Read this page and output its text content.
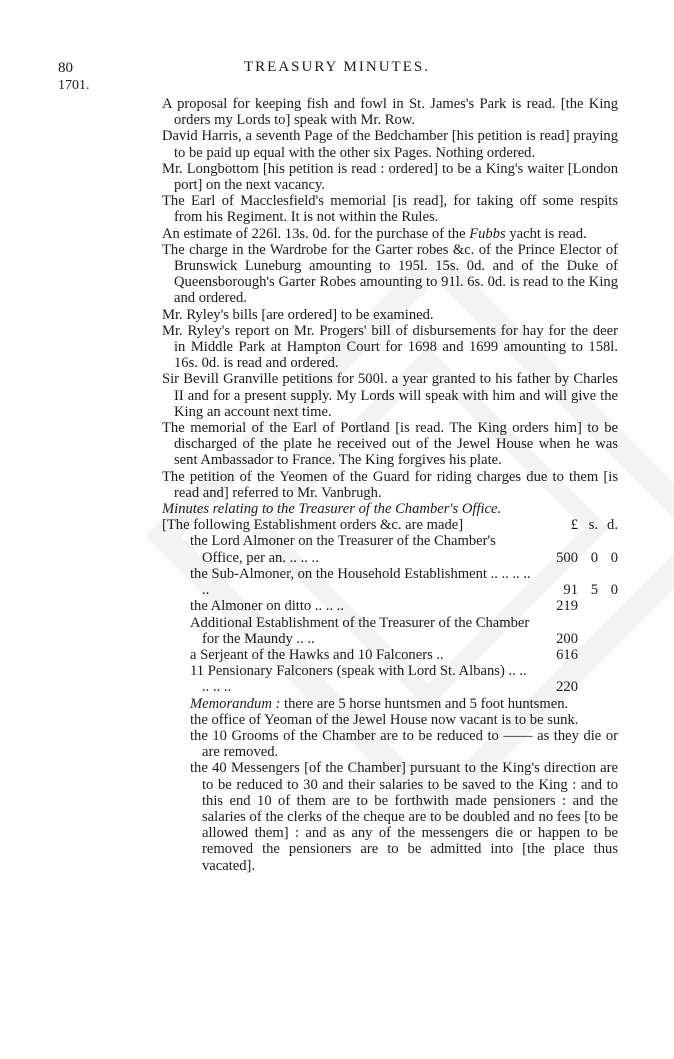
80	TREASURY MINUTES.
1701.

A proposal for keeping fish and fowl in St. James's Park is read. [the King orders my Lords to] speak with Mr. Row.

David Harris, a seventh Page of the Bedchamber [his petition is read] praying to be paid up equal with the other six Pages. Nothing ordered.

Mr. Longbottom [his petition is read : ordered] to be a King's waiter [London port] on the next vacancy.

The Earl of Macclesfield's memorial [is read], for taking off some respits from his Regiment. It is not within the Rules.

An estimate of 226l. 13s. 0d. for the purchase of the Fubbs yacht is read.

The charge in the Wardrobe for the Garter robes &c. of the Prince Elector of Brunswick Luneburg amounting to 195l. 15s. 0d. and of the Duke of Queensborough's Garter Robes amounting to 91l. 6s. 0d. is read to the King and ordered.

Mr. Ryley's bills [are ordered] to be examined.

Mr. Ryley's report on Mr. Progers' bill of disbursements for hay for the deer in Middle Park at Hampton Court for 1698 and 1699 amounting to 158l. 16s. 0d. is read and ordered.

Sir Bevill Granville petitions for 500l. a year granted to his father by Charles II and for a present supply. My Lords will speak with him and will give the King an account next time.

The memorial of the Earl of Portland [is read. The King orders him] to be discharged of the plate he received out of the Jewel House when he was sent Ambassador to France. The King forgives his plate.

The petition of the Yeomen of the Guard for riding charges due to them [is read and] referred to Mr. Vanbrugh.

Minutes relating to the Treasurer of the Chamber's Office.

[The following Establishment orders &c. are made]	£ s. d.
the Lord Almoner on the Treasurer of the Chamber's Office, per an. .. .. ..	500 0 0
the Sub-Almoner, on the Household Establishment .. .. .. .. ..	91 5 0
the Almoner on ditto .. .. ..	219
Additional Establishment of the Treasurer of the Chamber for the Maundy .. ..	200
a Serjeant of the Hawks and 10 Falconers ..	616
11 Pensionary Falconers (speak with Lord St. Albans) .. .. .. .. ..	220

Memorandum : there are 5 horse huntsmen and 5 foot huntsmen.

the office of Yeoman of the Jewel House now vacant is to be sunk.

the 10 Grooms of the Chamber are to be reduced to —— as they die or are removed.

the 40 Messengers [of the Chamber] pursuant to the King's direction are to be reduced to 30 and their salaries to be saved to the King : and to this end 10 of them are to be forthwith made pensioners : and the salaries of the clerks of the cheque are to be doubled and no fees [to be allowed them] : and as any of the messengers die or happen to be removed the pensioners are to be admitted into [the place thus vacated].
